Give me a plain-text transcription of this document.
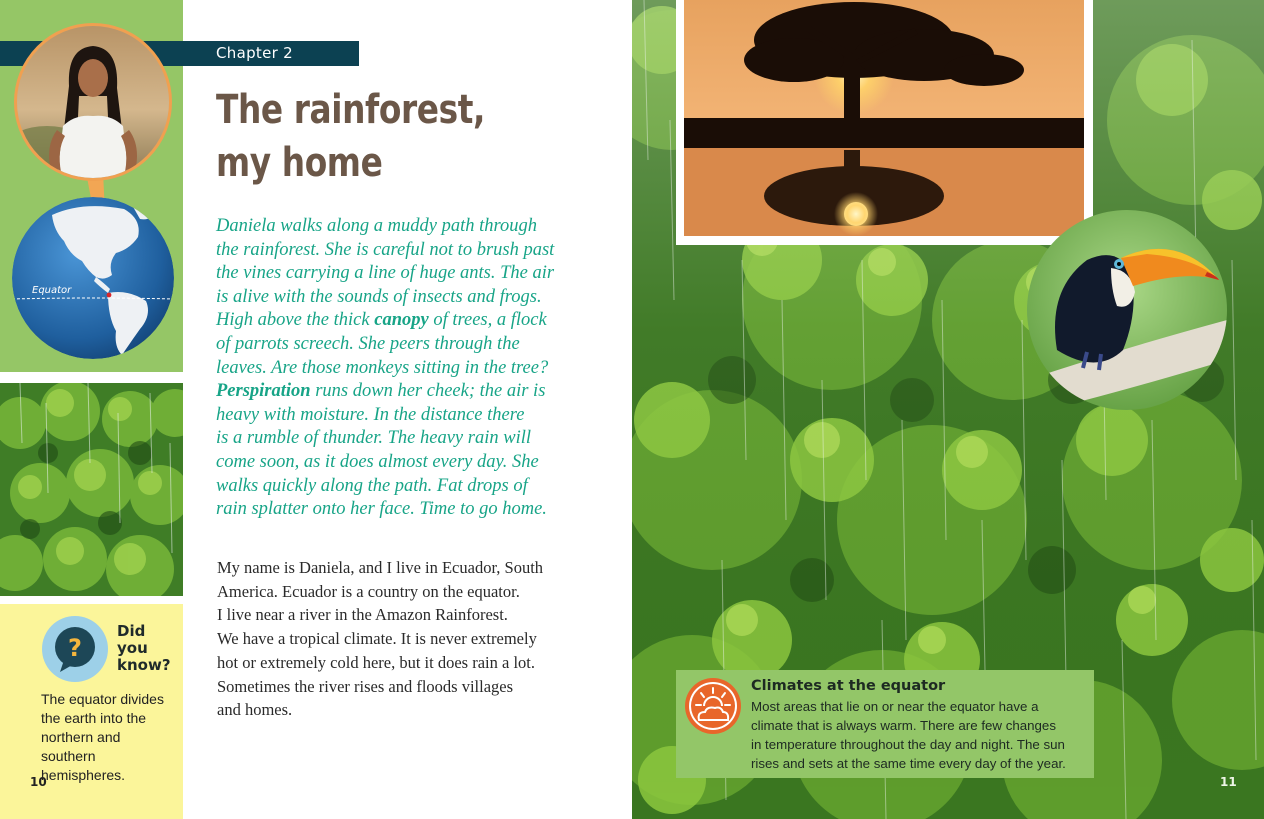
Chapter 2
Equator
?
Did
you
know?
The equator divides
the earth into the
northern and
southern hemispheres.
10
The rainforest,
my home
Daniela walks along a muddy path through
the rainforest. She is careful not to brush past
the vines carrying a line of huge ants. The air
is alive with the sounds of insects and frogs.
High above the thick canopy of trees, a flock
of parrots screech. She peers through the
leaves. Are those monkeys sitting in the tree?
Perspiration runs down her cheek; the air is
heavy with moisture. In the distance there
is a rumble of thunder. The heavy rain will
come soon, as it does almost every day. She
walks quickly along the path. Fat drops of
rain splatter onto her face. Time to go home.
My name is Daniela, and I live in Ecuador, South
America. Ecuador is a country on the equator.
I live near a river in the Amazon Rainforest.
We have a tropical climate. It is never extremely
hot or extremely cold here, but it does rain a lot.
Sometimes the river rises and floods villages
and homes.
Climates at the equator
Most areas that lie on or near the equator have a
climate that is always warm. There are few changes
in temperature throughout the day and night. The sun
rises and sets at the same time every day of the year.
11
